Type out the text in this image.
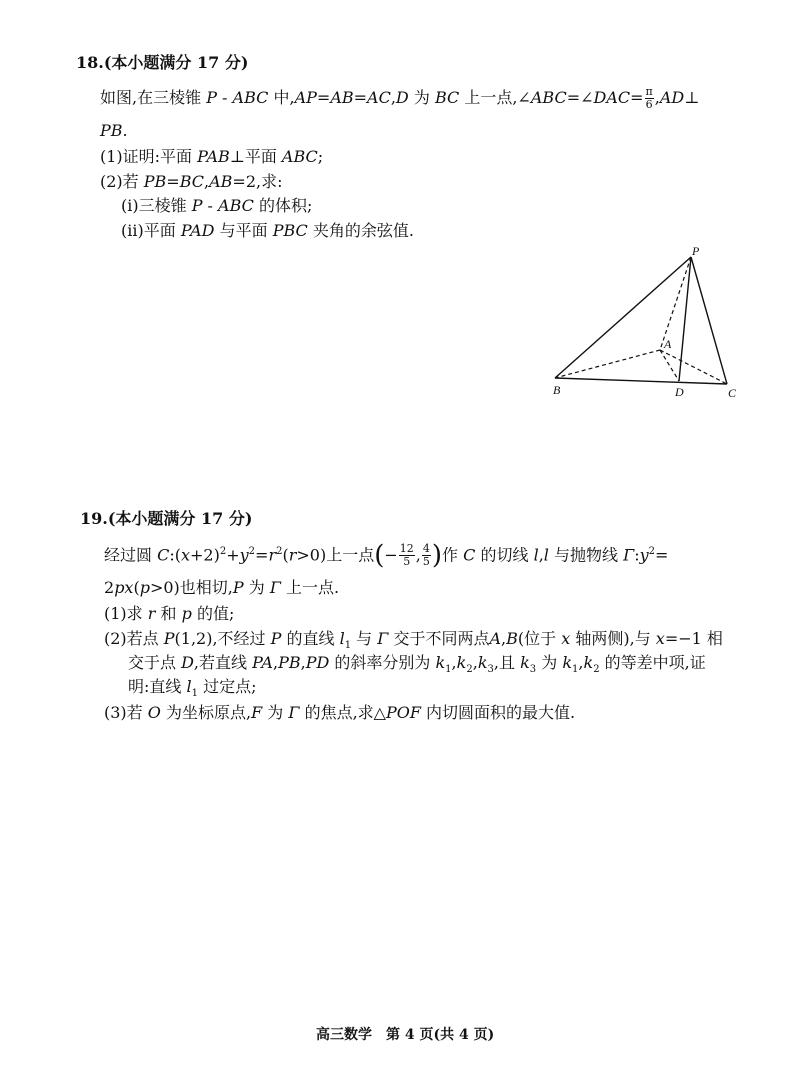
18.(本小题满分 17 分)
如图,在三棱锥 P - ABC 中,AP=AB=AC,D 为 BC 上一点,∠ABC=∠DAC= $\frac{\pi}{6}$ ,AD⊥
PB.
(1)证明:平面 PAB⊥平面 ABC;
(2)若 PB=BC,AB=2,求:
(i)三棱锥 P - ABC 的体积;
(ii)平面 PAD 与平面 PBC 夹角的余弦值.
P
A
B	D	C
19.(本小题满分 17 分)
经过圆 $C:(x+2)^2+y^2=r^2(r>0)$上一点(− $\frac{12}{5}$ , $\frac{4}{5}$ )作 C 的切线 l,l 与抛物线 $\Gamma:y^2=$
2px(p>0)也相切,P 为 Γ 上一点.
(1)求 r 和 p 的值;
(2)若点 P(1,2),不经过 P 的直线 $l_1$ 与 Γ 交于不同两点A,B(位于 x 轴两侧),与 x=−1 相
交于点 D,若直线 PA,PB,PD 的斜率分别为 $k_1,k_2,k_3$,且 $k_3$ 为 $k_1,k_2$ 的等差中项,证
明:直线 $l_1$ 过定点;
(3)若 O 为坐标原点,F 为 Γ 的焦点,求△POF 内切圆面积的最大值.
高三数学　第 4 页(共 4 页)
